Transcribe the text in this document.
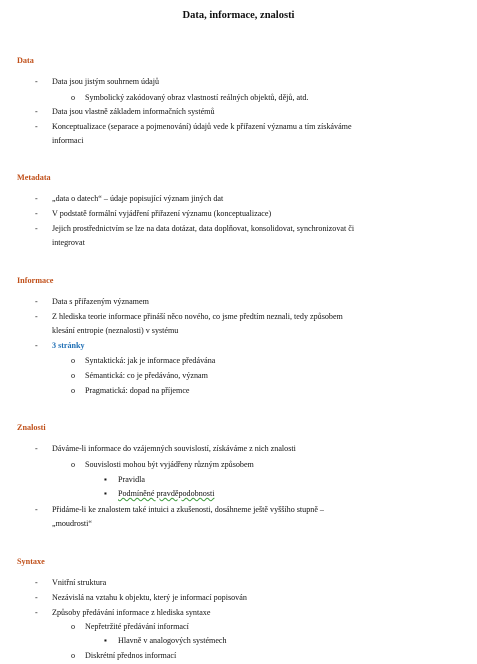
Data, informace, znalosti
Data
- Data jsou jistým souhrnem údajů
o Symbolický zakódovaný obraz vlastností reálných objektů, dějů, atd.
- Data jsou vlastně základem informačních systémů
- Konceptualizace (separace a pojmenování) údajů vede k přiřazení významu a tím získáváme
informaci
Metadata
- „data o datech“ – údaje popisující význam jiných dat
- V podstatě formální vyjádření přiřazení významu (konceptualizace)
- Jejich prostřednictvím se lze na data dotázat, data doplňovat, konsolidovat, synchronizovat či
integrovat
Informace
- Data s přiřazeným významem
- Z hlediska teorie informace přináší něco nového, co jsme předtím neznali, tedy způsobem
klesání entropie (neznalosti) v systému
- 3 stránky
o Syntaktická: jak je informace předávána
o Sémantická: co je předáváno, význam
o Pragmatická: dopad na příjemce
Znalosti
- Dáváme-li informace do vzájemných souvislostí, získáváme z nich znalosti
o Souvislosti mohou být vyjádřeny různým způsobem
▪ Pravidla
▪ Podmíněné pravděpodobnosti
- Přidáme-li ke znalostem také intuici a zkušenosti, dosáhneme ještě vyššího stupně –
„moudrosti“
Syntaxe
- Vnitřní struktura
- Nezávislá na vztahu k objektu, který je informací popisován
- Způsoby předávání informace z hlediska syntaxe
o Nepřetržité předávání informací
▪ Hlavně v analogových systémech
o Diskrétní přednos informací
